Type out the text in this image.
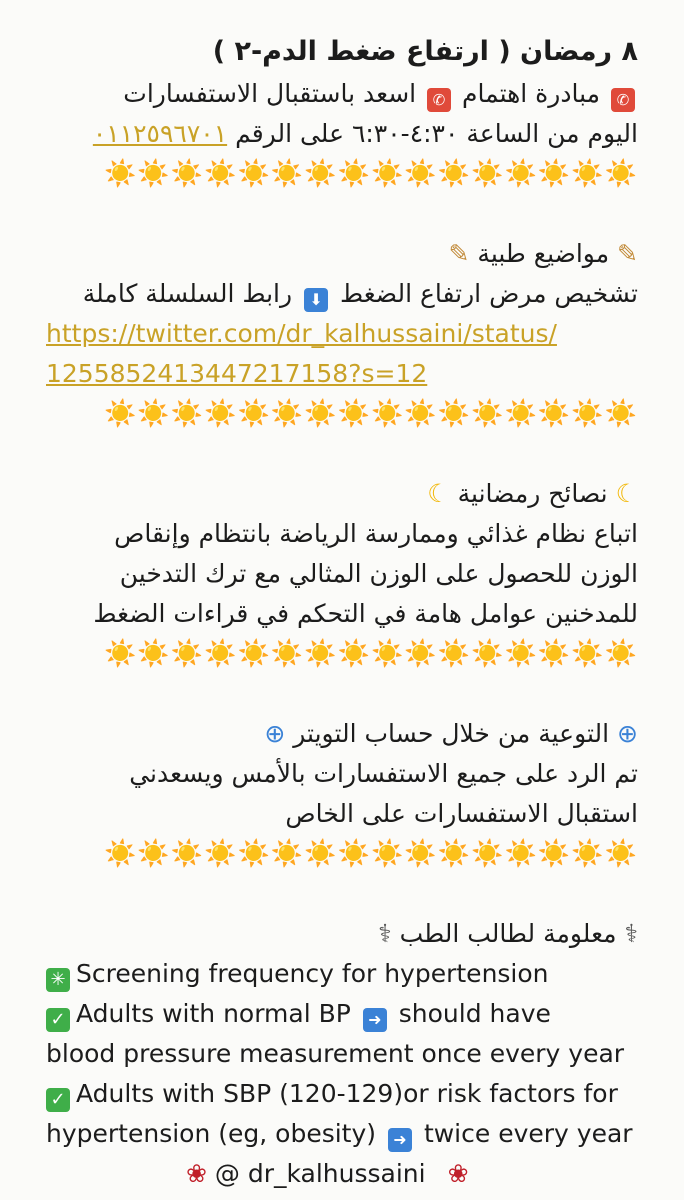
٨ رمضان ( ارتفاع ضغط الدم-٢ )
✆ مبادرة اهتمام ✆ اسعد باستقبال الاستفسارات
اليوم من الساعة ٤:٣٠-٦:٣٠ على الرقم ٠١١٢٥٩٦٧٠١
☀️☀️☀️☀️☀️☀️☀️☀️☀️☀️☀️☀️☀️☀️☀️☀️
✎ مواضيع طبية ✎
تشخيص مرض ارتفاع الضغط ⬇ رابط السلسلة كاملة
https://twitter.com/dr_kalhussaini/status/
1255852413447217158?s=12
☀️☀️☀️☀️☀️☀️☀️☀️☀️☀️☀️☀️☀️☀️☀️☀️
☾ نصائح رمضانية ☾
اتباع نظام غذائي وممارسة الرياضة بانتظام وإنقاص
الوزن للحصول على الوزن المثالي مع ترك التدخين
للمدخنين عوامل هامة في التحكم في قراءات الضغط
☀️☀️☀️☀️☀️☀️☀️☀️☀️☀️☀️☀️☀️☀️☀️☀️
⊕ التوعية من خلال حساب التويتر ⊕
تم الرد على جميع الاستفسارات بالأمس ويسعدني
استقبال الاستفسارات على الخاص
☀️☀️☀️☀️☀️☀️☀️☀️☀️☀️☀️☀️☀️☀️☀️☀️
⚕ معلومة لطالب الطب ⚕
✳ Screening frequency for hypertension
✓ Adults with normal BP ➜ should have
blood pressure measurement once every year
✓ Adults with SBP (120-129)or risk factors for
hypertension (eg, obesity) ➜ twice every year
❀ @ dr_kalhussaini ❀
